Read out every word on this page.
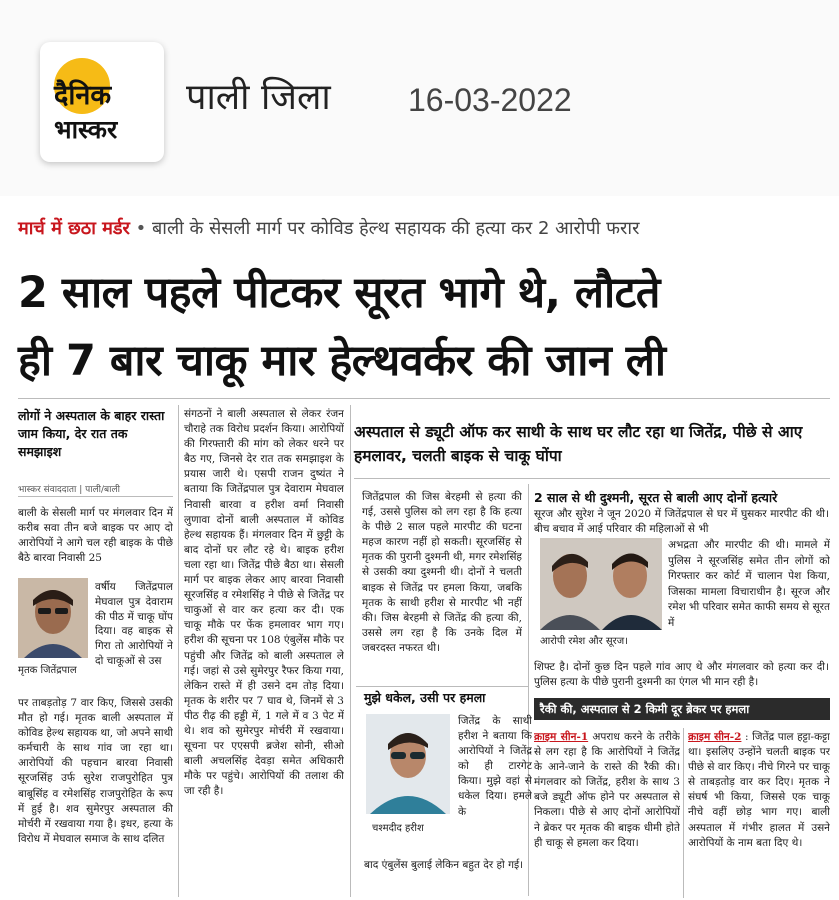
दैनिक
भास्कर
पाली जिला 16-03-2022
मार्च में छठा मर्डर • बाली के सेसली मार्ग पर कोविड हेल्थ सहायक की हत्या कर 2 आरोपी फरार
2 साल पहले पीटकर सूरत भागे थे, लौटते
ही 7 बार चाकू मार हेल्थवर्कर की जान ली
लोगों ने अस्पताल के बाहर रास्ता जाम किया, देर रात तक समझाइश
भास्कर संवाददाता | पाली/बाली
बाली के सेसली मार्ग पर मंगलवार दिन में करीब सवा तीन बजे बाइक पर आए दो आरोपियों ने आगे चल रही बाइक के पीछे बैठे बारवा निवासी 25
वर्षीय जितेंद्रपाल मेघवाल पुत्र देवाराम की पीठ में चाकू घोंप दिया। वह बाइक से गिरा तो आरोपियों ने दो चाकूओं से उस
मृतक जितेंद्रपाल
पर ताबड़तोड़ 7 वार किए, जिससे उसकी मौत हो गई। मृतक बाली अस्पताल में कोविड हेल्थ सहायक था, जो अपने साथी कर्मचारी के साथ गांव जा रहा था। आरोपियों की पहचान बारवा निवासी सूरजसिंह उर्फ सुरेश राजपुरोहित पुत्र बाबूसिंह व रमेशसिंह राजपुरोहित के रूप में हुई है। शव सुमेरपुर अस्पताल की मोर्चरी में रखवाया गया है। इधर, हत्या के विरोध में मेघवाल समाज के साथ दलित
संगठनों ने बाली अस्पताल से लेकर रंजन चौराहे तक विरोध प्रदर्शन किया। आरोपियों की गिरफ्तारी की मांग को लेकर धरने पर बैठ गए, जिनसे देर रात तक समझाइश के प्रयास जारी थे। एसपी राजन दुष्यंत ने बताया कि जितेंद्रपाल पुत्र देवाराम मेघवाल निवासी बारवा व हरीश वर्मा निवासी लुणावा दोनों बाली अस्पताल में कोविड हेल्थ सहायक हैं। मंगलवार दिन में छुट्टी के बाद दोनों घर लौट रहे थे। बाइक हरीश चला रहा था। जितेंद्र पीछे बैठा था। सेसली मार्ग पर बाइक लेकर आए बारवा निवासी सूरजसिंह व रमेशसिंह ने पीछे से जितेंद्र पर चाकुओं से वार कर हत्या कर दी। एक चाकू मौके पर फेंक हमलावर भाग गए। हरीश की सूचना पर 108 एंबुलेंस मौके पर पहुंची और जितेंद्र को बाली अस्पताल ले गई। जहां से उसे सुमेरपुर रैफर किया गया, लेकिन रास्ते में ही उसने दम तोड़ दिया। मृतक के शरीर पर 7 घाव थे, जिनमें से 3 पीठ रीढ़ की हड्डी में, 1 गले में व 3 पेट में थे। शव को सुमेरपुर मोर्चरी में रखवाया। सूचना पर एएसपी ब्रजेश सोनी, सीओ बाली अचलसिंह देवड़ा समेत अधिकारी मौके पर पहुंचे। आरोपियों की तलाश की जा रही है।
अस्पताल से ड्यूटी ऑफ कर साथी के साथ घर लौट रहा था जितेंद्र, पीछे से आए हमलावर, चलती बाइक से चाकू घोंपा
जितेंद्रपाल की जिस बेरहमी से हत्या की गई, उससे पुलिस को लग रहा है कि हत्या के पीछे 2 साल पहले मारपीट की घटना महज कारण नहीं हो सकती। सूरजसिंह से मृतक की पुरानी दुश्मनी थी, मगर रमेशसिंह से उसकी क्या दुश्मनी थी। दोनों ने चलती बाइक से जितेंद्र पर हमला किया, जबकि मृतक के साथी हरीश से मारपीट भी नहीं की। जिस बेरहमी से जितेंद्र की हत्या की, उससे लग रहा है कि उनके दिल में जबरदस्त नफरत थी।
2 साल से थी दुश्मनी, सूरत से बाली आए दोनों हत्यारे
सूरज और सुरेश ने जून 2020 में जितेंद्रपाल से घर में घुसकर मारपीट की थी। बीच बचाव में आई परिवार की महिलाओं से भी
आरोपी रमेश और सूरज।
अभद्रता और मारपीट की थी। मामले में पुलिस ने सूरजसिंह समेत तीन लोगों को गिरफ्तार कर कोर्ट में चालान पेश किया, जिसका मामला विचाराधीन है। सूरज और रमेश भी परिवार समेत काफी समय से सूरत में
शिफ्ट है। दोनों कुछ दिन पहले गांव आए थे और मंगलवार को हत्या कर दी। पुलिस हत्या के पीछे पुरानी दुश्मनी का एंगल भी मान रही है।
मुझे धकेल, उसी पर हमला
चश्मदीद हरीश
जितेंद्र के साथी हरीश ने बताया कि आरोपियों ने जितेंद्र को ही टारगेट किया। मुझे वहां से धकेल दिया। हमले के
बाद एंबुलेंस बुलाई लेकिन बहुत देर हो गई।
रैकी की, अस्पताल से 2 किमी दूर ब्रेकर पर हमला
क्राइम सीन-1 अपराध करने के तरीके से लग रहा है कि आरोपियों ने जितेंद्र के आने-जाने के रास्ते की रैकी की। मंगलवार को जितेंद्र, हरीश के साथ 3 बजे ड्यूटी ऑफ होने पर अस्पताल से निकला। पीछे से आए दोनों आरोपियों ने ब्रेकर पर मृतक की बाइक धीमी होते ही चाकू से हमला कर दिया।
क्राइम सीन-2 : जितेंद्र पाल हट्टा-कट्टा था। इसलिए उन्होंने चलती बाइक पर पीछे से वार किए। नीचे गिरने पर चाकू से ताबड़तोड़ वार कर दिए। मृतक ने संघर्ष भी किया, जिससे एक चाकू नीचे वहीं छोड़ भाग गए। बाली अस्पताल में गंभीर हालत में उसने आरोपियों के नाम बता दिए थे।
